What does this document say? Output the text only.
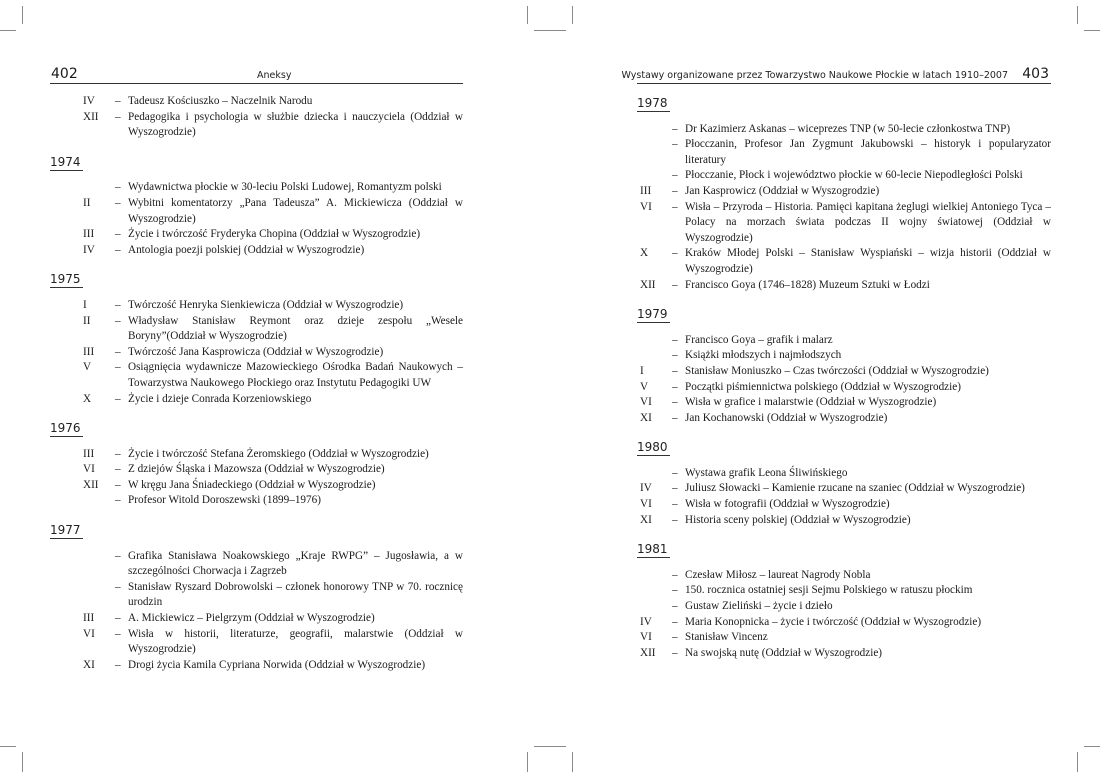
402	Aneksy
IV	– Tadeusz Kościuszko – Naczelnik Narodu
XII	– Pedagogika i psychologia w służbie dziecka i nauczyciela (Oddział w Wyszogrodzie)
1974
– Wydawnictwa płockie w 30-leciu Polski Ludowej, Romantyzm polski
II	– Wybitni komentatorzy „Pana Tadeusza” A. Mickiewicza (Oddział w Wyszogrodzie)
III	– Życie i twórczość Fryderyka Chopina (Oddział w Wyszogrodzie)
IV	– Antologia poezji polskiej (Oddział w Wyszogrodzie)
1975
I	– Twórczość Henryka Sienkiewicza (Oddział w Wyszogrodzie)
II	– Władysław Stanisław Reymont oraz dzieje zespołu „Wesele Boryny”(Oddział w Wyszogrodzie)
III	– Twórczość Jana Kasprowicza (Oddział w Wyszogrodzie)
V	– Osiągnięcia wydawnicze Mazowieckiego Ośrodka Badań Naukowych – Towarzystwa Naukowego Płockiego oraz Instytutu Pedagogiki UW
X	– Życie i dzieje Conrada Korzeniowskiego
1976
III	– Życie i twórczość Stefana Żeromskiego (Oddział w Wyszogrodzie)
VI	– Z dziejów Śląska i Mazowsza (Oddział w Wyszogrodzie)
XII	– W kręgu Jana Śniadeckiego (Oddział w Wyszogrodzie)
– Profesor Witold Doroszewski (1899–1976)
1977
– Grafika Stanisława Noakowskiego „Kraje RWPG” – Jugosławia, a w szczególności Chorwacja i Zagrzeb
– Stanisław Ryszard Dobrowolski – członek honorowy TNP w 70. rocznicę urodzin
III	– A. Mickiewicz – Pielgrzym (Oddział w Wyszogrodzie)
VI	– Wisła w historii, literaturze, geografii, malarstwie (Oddział w Wyszogrodzie)
XI	– Drogi życia Kamila Cypriana Norwida (Oddział w Wyszogrodzie)
Wystawy organizowane przez Towarzystwo Naukowe Płockie w latach 1910–2007 403
1978
– Dr Kazimierz Askanas – wiceprezes TNP (w 50-lecie członkostwa TNP)
– Płocczanin, Profesor Jan Zygmunt Jakubowski – historyk i popularyzator literatury
– Płocczanie, Płock i województwo płockie w 60-lecie Niepodległości Polski
III	– Jan Kasprowicz (Oddział w Wyszogrodzie)
VI	– Wisła – Przyroda – Historia. Pamięci kapitana żeglugi wielkiej Antoniego Tyca – Polacy na morzach świata podczas II wojny światowej (Oddział w Wyszogrodzie)
X	– Kraków Młodej Polski – Stanisław Wyspiański – wizja historii (Oddział w Wyszogrodzie)
XII	– Francisco Goya (1746–1828) Muzeum Sztuki w Łodzi
1979
– Francisco Goya – grafik i malarz
– Książki młodszych i najmłodszych
I	– Stanisław Moniuszko – Czas twórczości (Oddział w Wyszogrodzie)
V	– Początki piśmiennictwa polskiego (Oddział w Wyszogrodzie)
VI	– Wisła w grafice i malarstwie (Oddział w Wyszogrodzie)
XI	– Jan Kochanowski (Oddział w Wyszogrodzie)
1980
– Wystawa grafik Leona Śliwińskiego
IV	– Juliusz Słowacki – Kamienie rzucane na szaniec (Oddział w Wyszogrodzie)
VI	– Wisła w fotografii (Oddział w Wyszogrodzie)
XI	– Historia sceny polskiej (Oddział w Wyszogrodzie)
1981
– Czesław Miłosz – laureat Nagrody Nobla
– 150. rocznica ostatniej sesji Sejmu Polskiego w ratuszu płockim
– Gustaw Zieliński – życie i dzieło
IV	– Maria Konopnicka – życie i twórczość (Oddział w Wyszogrodzie)
VI	– Stanisław Vincenz
XII	– Na swojską nutę (Oddział w Wyszogrodzie)
